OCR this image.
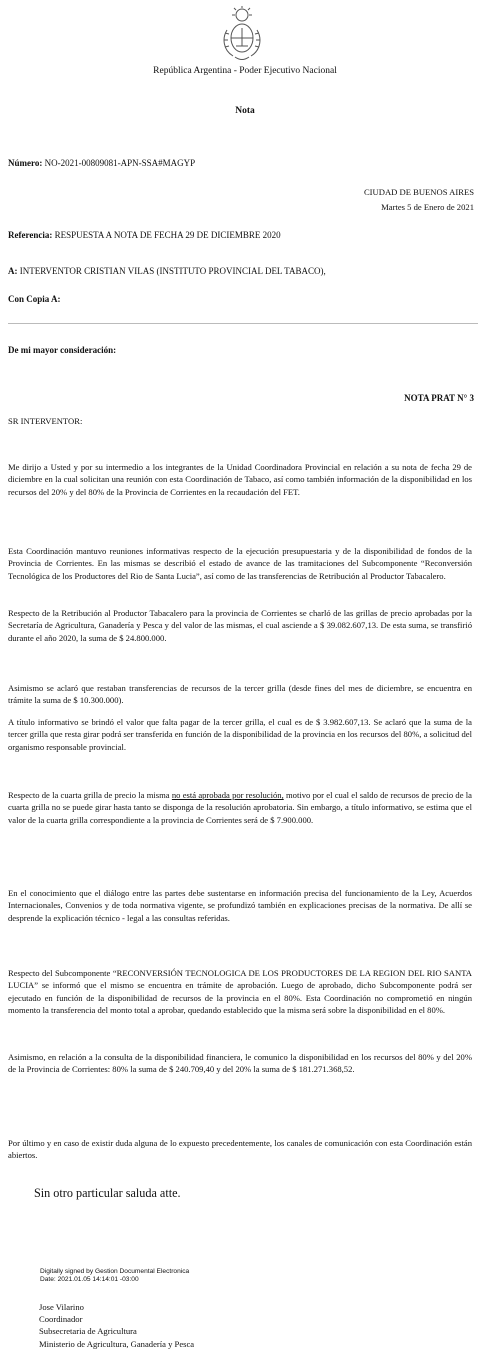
República Argentina - Poder Ejecutivo Nacional
Nota
Número: NO-2021-00809081-APN-SSA#MAGYP
CIUDAD DE BUENOS AIRES
Martes 5 de Enero de 2021
Referencia: RESPUESTA A NOTA DE FECHA 29 DE DICIEMBRE 2020
A: INTERVENTOR CRISTIAN VILAS (INSTITUTO PROVINCIAL DEL TABACO),
Con Copia A:
De mi mayor consideración:
NOTA PRAT N° 3
SR INTERVENTOR:
Me dirijo a Usted y por su intermedio a los integrantes de la Unidad Coordinadora Provincial en relación a su nota de fecha 29 de diciembre en la cual solicitan una reunión con esta Coordinación de Tabaco, así como también información de la disponibilidad en los recursos del 20% y del 80% de la Provincia de Corrientes en la recaudación del FET.
Esta Coordinación mantuvo reuniones informativas respecto de la ejecución presupuestaria y de la disponibilidad de fondos de la Provincia de Corrientes. En las mismas se describió el estado de avance de las tramitaciones del Subcomponente “Reconversión Tecnológica de los Productores del Rio de Santa Lucia”, así como de las transferencias de Retribución al Productor Tabacalero.
Respecto de la Retribución al Productor Tabacalero para la provincia de Corrientes se charló de las grillas de precio aprobadas por la Secretaría de Agricultura, Ganadería y Pesca y del valor de las mismas, el cual asciende a $ 39.082.607,13. De esta suma, se transfirió durante el año 2020, la suma de $ 24.800.000.
Asimismo se aclaró que restaban transferencias de recursos de la tercer grilla (desde fines del mes de diciembre, se encuentra en trámite la suma de $ 10.300.000).
A título informativo se brindó el valor que falta pagar de la tercer grilla, el cual es de $ 3.982.607,13. Se aclaró que la suma de la tercer grilla que resta girar podrá ser transferida en función de la disponibilidad de la provincia en los recursos del 80%, a solicitud del organismo responsable provincial.
Respecto de la cuarta grilla de precio la misma no está aprobada por resolución, motivo por el cual el saldo de recursos de precio de la cuarta grilla no se puede girar hasta tanto se disponga de la resolución aprobatoria. Sin embargo, a título informativo, se estima que el valor de la cuarta grilla correspondiente a la provincia de Corrientes será de $ 7.900.000.
En el conocimiento que el diálogo entre las partes debe sustentarse en información precisa del funcionamiento de la Ley, Acuerdos Internacionales, Convenios y de toda normativa vigente, se profundizó también en explicaciones precisas de la normativa. De allí se desprende la explicación técnico - legal a las consultas referidas.
Respecto del Subcomponente “RECONVERSIÓN TECNOLOGICA DE LOS PRODUCTORES DE LA REGION DEL RIO SANTA LUCIA” se informó que el mismo se encuentra en trámite de aprobación. Luego de aprobado, dicho Subcomponente podrá ser ejecutado en función de la disponibilidad de recursos de la provincia en el 80%. Esta Coordinación no comprometió en ningún momento la transferencia del monto total a aprobar, quedando establecido que la misma será sobre la disponibilidad en el 80%.
Asimismo, en relación a la consulta de la disponibilidad financiera, le comunico la disponibilidad en los recursos del 80% y del 20% de la Provincia de Corrientes: 80% la suma de $ 240.709,40 y del 20% la suma de $ 181.271.368,52.
Por último y en caso de existir duda alguna de lo expuesto precedentemente, los canales de comunicación con esta Coordinación están abiertos.
Sin otro particular saluda atte.
Digitally signed by Gestion Documental Electronica
Date: 2021.01.05 14:14:01 -03:00
Jose Vilarino
Coordinador
Subsecretaria de Agricultura
Ministerio de Agricultura, Ganadería y Pesca
